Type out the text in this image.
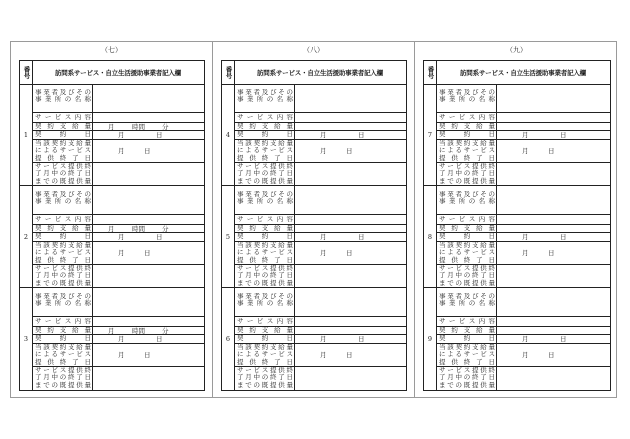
（七）
番号	訪問系サービス・自立生活援助事業者記入欄
1
事業者及びその
事業所の名称
サービス内容
契約支給量	月	時間	分
契約日	月	日
当該契約支給量
によるサービス
提供終了日
月	日
サービス提供終
了月中の終了日
までの既提供量
2
事業者及びその
事業所の名称
サービス内容
契約支給量	月	時間	分
契約日	月	日
当該契約支給量
によるサービス
提供終了日
月	日
サービス提供終
了月中の終了日
までの既提供量
3
事業者及びその
事業所の名称
サービス内容
契約支給量	月	時間	分
契約日	月	日
当該契約支給量
によるサービス
提供終了日
月	日
サービス提供終
了月中の終了日
までの既提供量
（八）
番号	訪問系サービス・自立生活援助事業者記入欄
4
事業者及びその
事業所の名称
サービス内容
契約支給量
契約日	月	日
当該契約支給量
によるサービス
提供終了日
月	日
サービス提供終
了月中の終了日
までの既提供量
5
事業者及びその
事業所の名称
サービス内容
契約支給量
契約日	月	日
当該契約支給量
によるサービス
提供終了日
月	日
サービス提供終
了月中の終了日
までの既提供量
6
事業者及びその
事業所の名称
サービス内容
契約支給量
契約日	月	日
当該契約支給量
によるサービス
提供終了日
月	日
サービス提供終
了月中の終了日
までの既提供量
（九）
番号	訪問系サービス・自立生活援助事業者記入欄
7
事業者及びその
事業所の名称
サービス内容
契約支給量
契約日	月	日
当該契約支給量
によるサービス
提供終了日
月	日
サービス提供終
了月中の終了日
までの既提供量
8
事業者及びその
事業所の名称
サービス内容
契約支給量
契約日	月	日
当該契約支給量
によるサービス
提供終了日
月	日
サービス提供終
了月中の終了日
までの既提供量
9
事業者及びその
事業所の名称
サービス内容
契約支給量
契約日	月	日
当該契約支給量
によるサービス
提供終了日
月	日
サービス提供終
了月中の終了日
までの既提供量
